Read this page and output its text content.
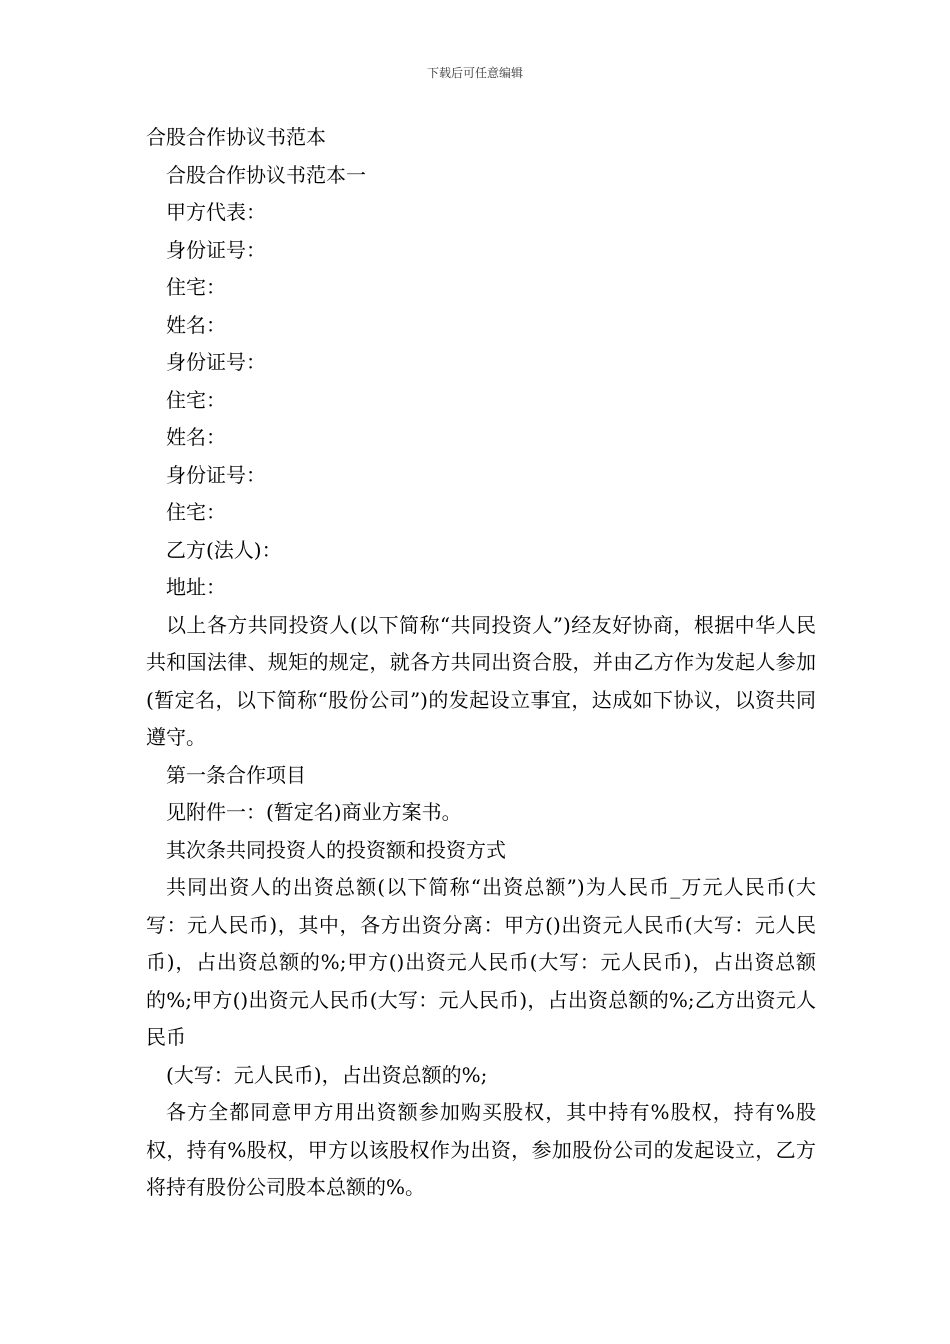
下载后可任意编辑

合股合作协议书范本

合股合作协议书范本一

甲方代表：

身份证号：

住宅：

姓名：

身份证号：

住宅：

姓名：

身份证号：

住宅：

乙方(法人)：

地址：

以上各方共同投资人(以下简称“共同投资人”)经友好协商，根据中华人民共和国法律、规矩的规定，就各方共同出资合股，并由乙方作为发起人参加(暂定名，以下简称“股份公司”)的发起设立事宜，达成如下协议，以资共同遵守。

第一条合作项目

见附件一：(暂定名)商业方案书。

其次条共同投资人的投资额和投资方式

共同出资人的出资总额(以下简称“出资总额”)为人民币_万元人民币(大写：元人民币)，其中，各方出资分离：甲方()出资元人民币(大写：元人民币)，占出资总额的%;甲方()出资元人民币(大写：元人民币)，占出资总额的%;甲方()出资元人民币(大写：元人民币)，占出资总额的%;乙方出资元人民币

(大写：元人民币)，占出资总额的%;

各方全都同意甲方用出资额参加购买股权，其中持有%股权，持有%股权，持有%股权，甲方以该股权作为出资，参加股份公司的发起设立，乙方将持有股份公司股本总额的%。
